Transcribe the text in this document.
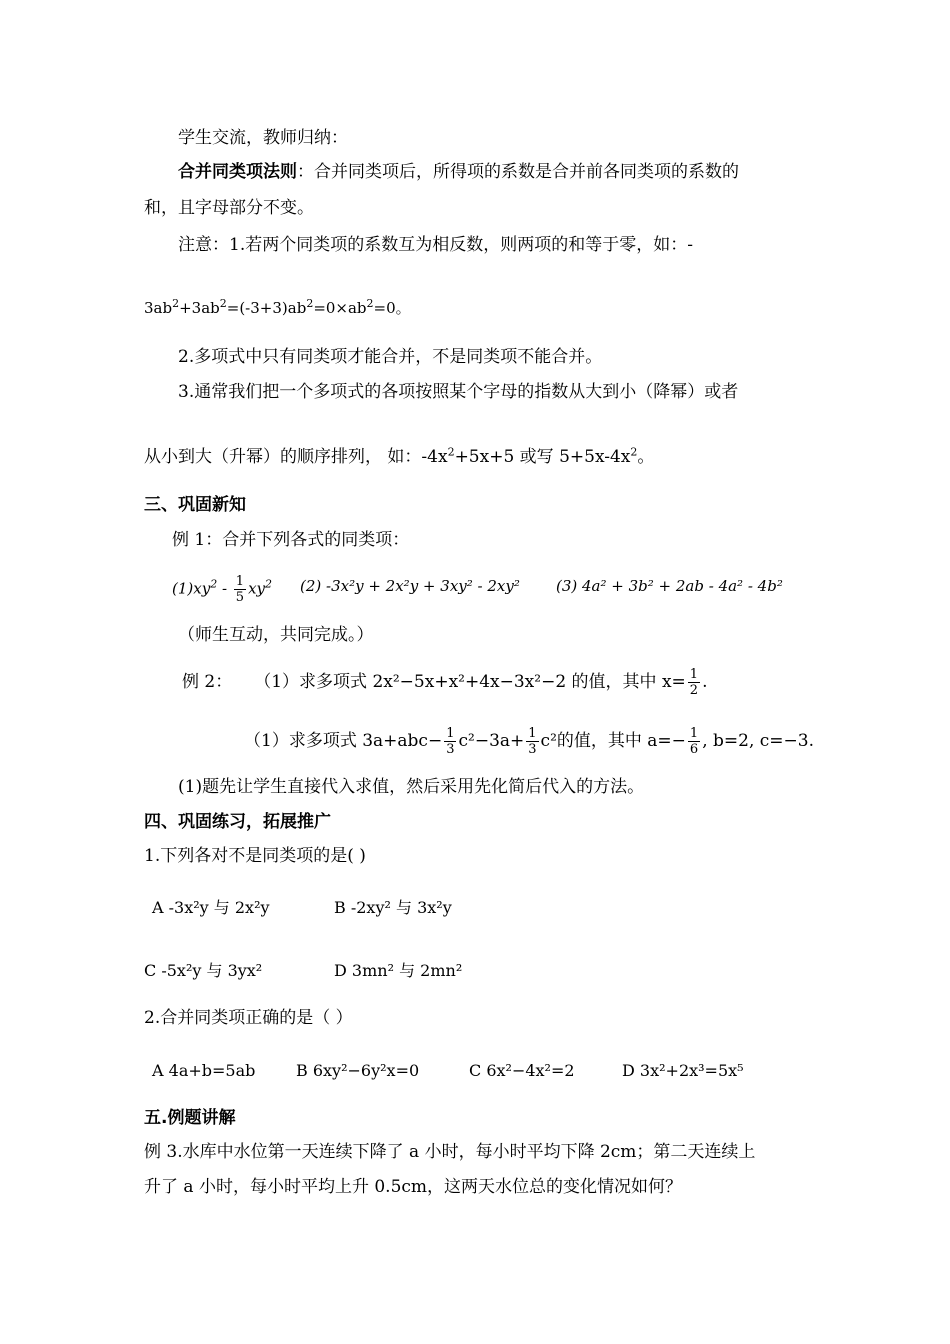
学生交流，教师归纳：
合并同类项法则：合并同类项后，所得项的系数是合并前各同类项的系数的
和，且字母部分不变。
注意：1.若两个同类项的系数互为相反数，则两项的和等于零，如：-
$3ab^2+3ab^2=(-3+3)ab^2=0\times ab^2=0$。
2.多项式中只有同类项才能合并，不是同类项不能合并。
3.通常我们把一个多项式的各项按照某个字母的指数从大到小（降幂）或者
从小到大（升幂）的顺序排列， 如：$-4x^2+5x+5$ 或写 $5+5x-4x^2$。
三、巩固新知
例 1：合并下列各式的同类项：
$(1)xy^2 - \frac{1}{5} xy^2$ (2) -3x²y + 2x²y + 3xy² - 2xy² (3) 4a² + 3b² + 2ab - 4a² - 4b²
（师生互动，共同完成。）
例 2： （1）求多项式 2x²−5x+x²+4x−3x²−2 的值，其中 $x= \frac{1}{2}$ .
（1）求多项式 $3a+abc- \frac{1}{3} c^2-3a+ \frac{1}{3} c^2$的值，其中 $a=- \frac{1}{6}$ , b=2, c=−3.
(1)题先让学生直接代入求值，然后采用先化简后代入的方法。
四、巩固练习，拓展推广
1.下列各对不是同类项的是( )
A -3x²y 与 2x²y	B -2xy² 与 3x²y
C -5x²y 与 3yx²	D 3mn² 与 2mn²
2.合并同类项正确的是（ ）
A 4a+b=5ab	B 6xy²−6y²x=0	C 6x²−4x²=2	D 3x²+2x³=5x⁵
五.例题讲解
例 3.水库中水位第一天连续下降了 a 小时，每小时平均下降 2cm；第二天连续上
升了 a 小时，每小时平均上升 0.5cm，这两天水位总的变化情况如何？
